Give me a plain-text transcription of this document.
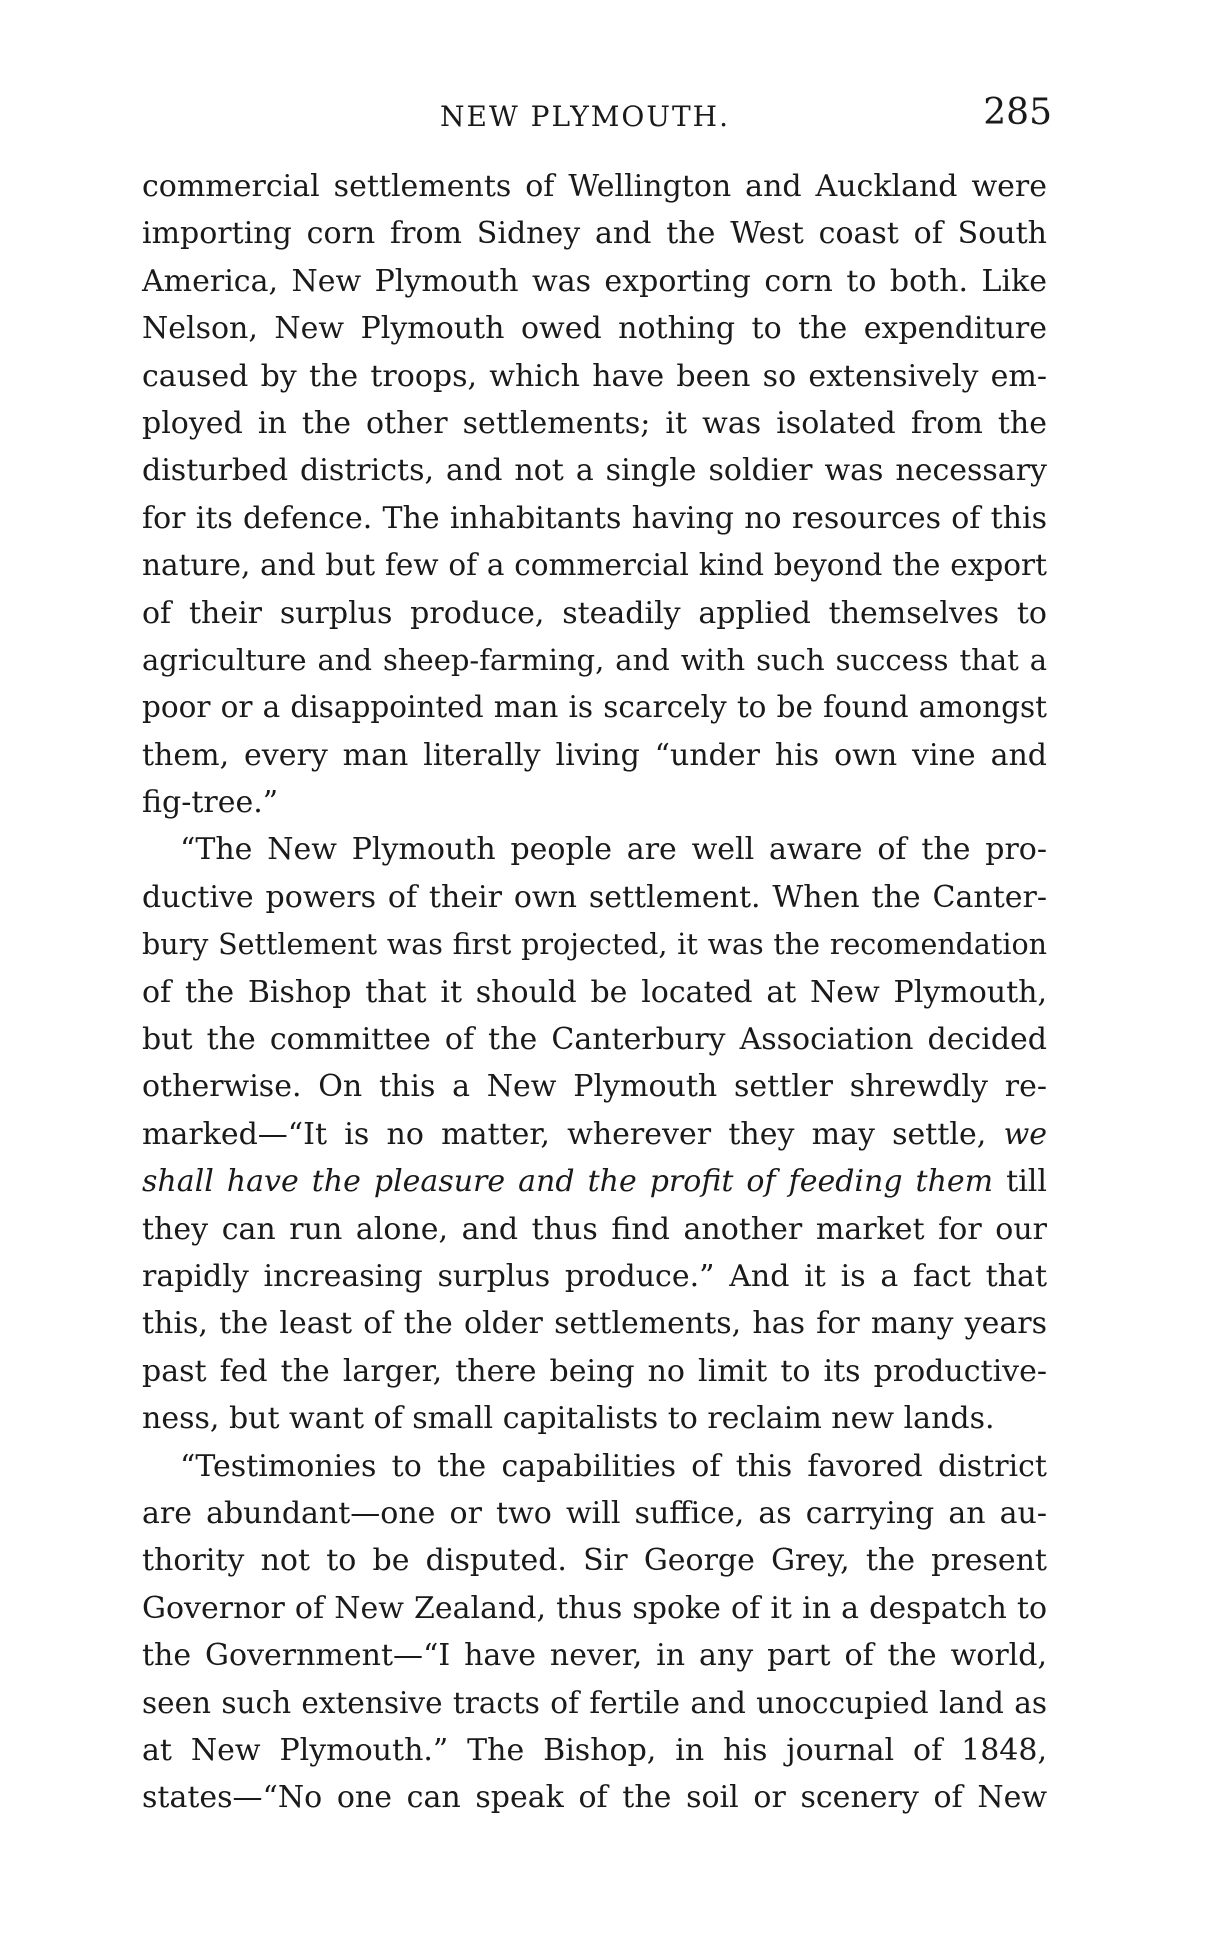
NEW PLYMOUTH.	285
commercial settlements of Wellington and Auckland were
importing corn from Sidney and the West coast of South
America, New Plymouth was exporting corn to both. Like
Nelson, New Plymouth owed nothing to the expenditure
caused by the troops, which have been so extensively em-
ployed in the other settlements; it was isolated from the
disturbed districts, and not a single soldier was necessary
for its defence. The inhabitants having no resources of this
nature, and but few of a commercial kind beyond the export
of their surplus produce, steadily applied themselves to
agriculture and sheep-farming, and with such success that a
poor or a disappointed man is scarcely to be found amongst
them, every man literally living “under his own vine and
fig-tree.”
“The New Plymouth people are well aware of the pro-
ductive powers of their own settlement. When the Canter-
bury Settlement was first projected, it was the recomendation
of the Bishop that it should be located at New Plymouth,
but the committee of the Canterbury Association decided
otherwise. On this a New Plymouth settler shrewdly re-
marked—“It is no matter, wherever they may settle, we
shall have the pleasure and the profit of feeding them till
they can run alone, and thus find another market for our
rapidly increasing surplus produce.” And it is a fact that
this, the least of the older settlements, has for many years
past fed the larger, there being no limit to its productive-
ness, but want of small capitalists to reclaim new lands.
“Testimonies to the capabilities of this favored district
are abundant—one or two will suffice, as carrying an au-
thority not to be disputed. Sir George Grey, the present
Governor of New Zealand, thus spoke of it in a despatch to
the Government—“I have never, in any part of the world,
seen such extensive tracts of fertile and unoccupied land as
at New Plymouth.” The Bishop, in his journal of 1848,
states—“No one can speak of the soil or scenery of New
